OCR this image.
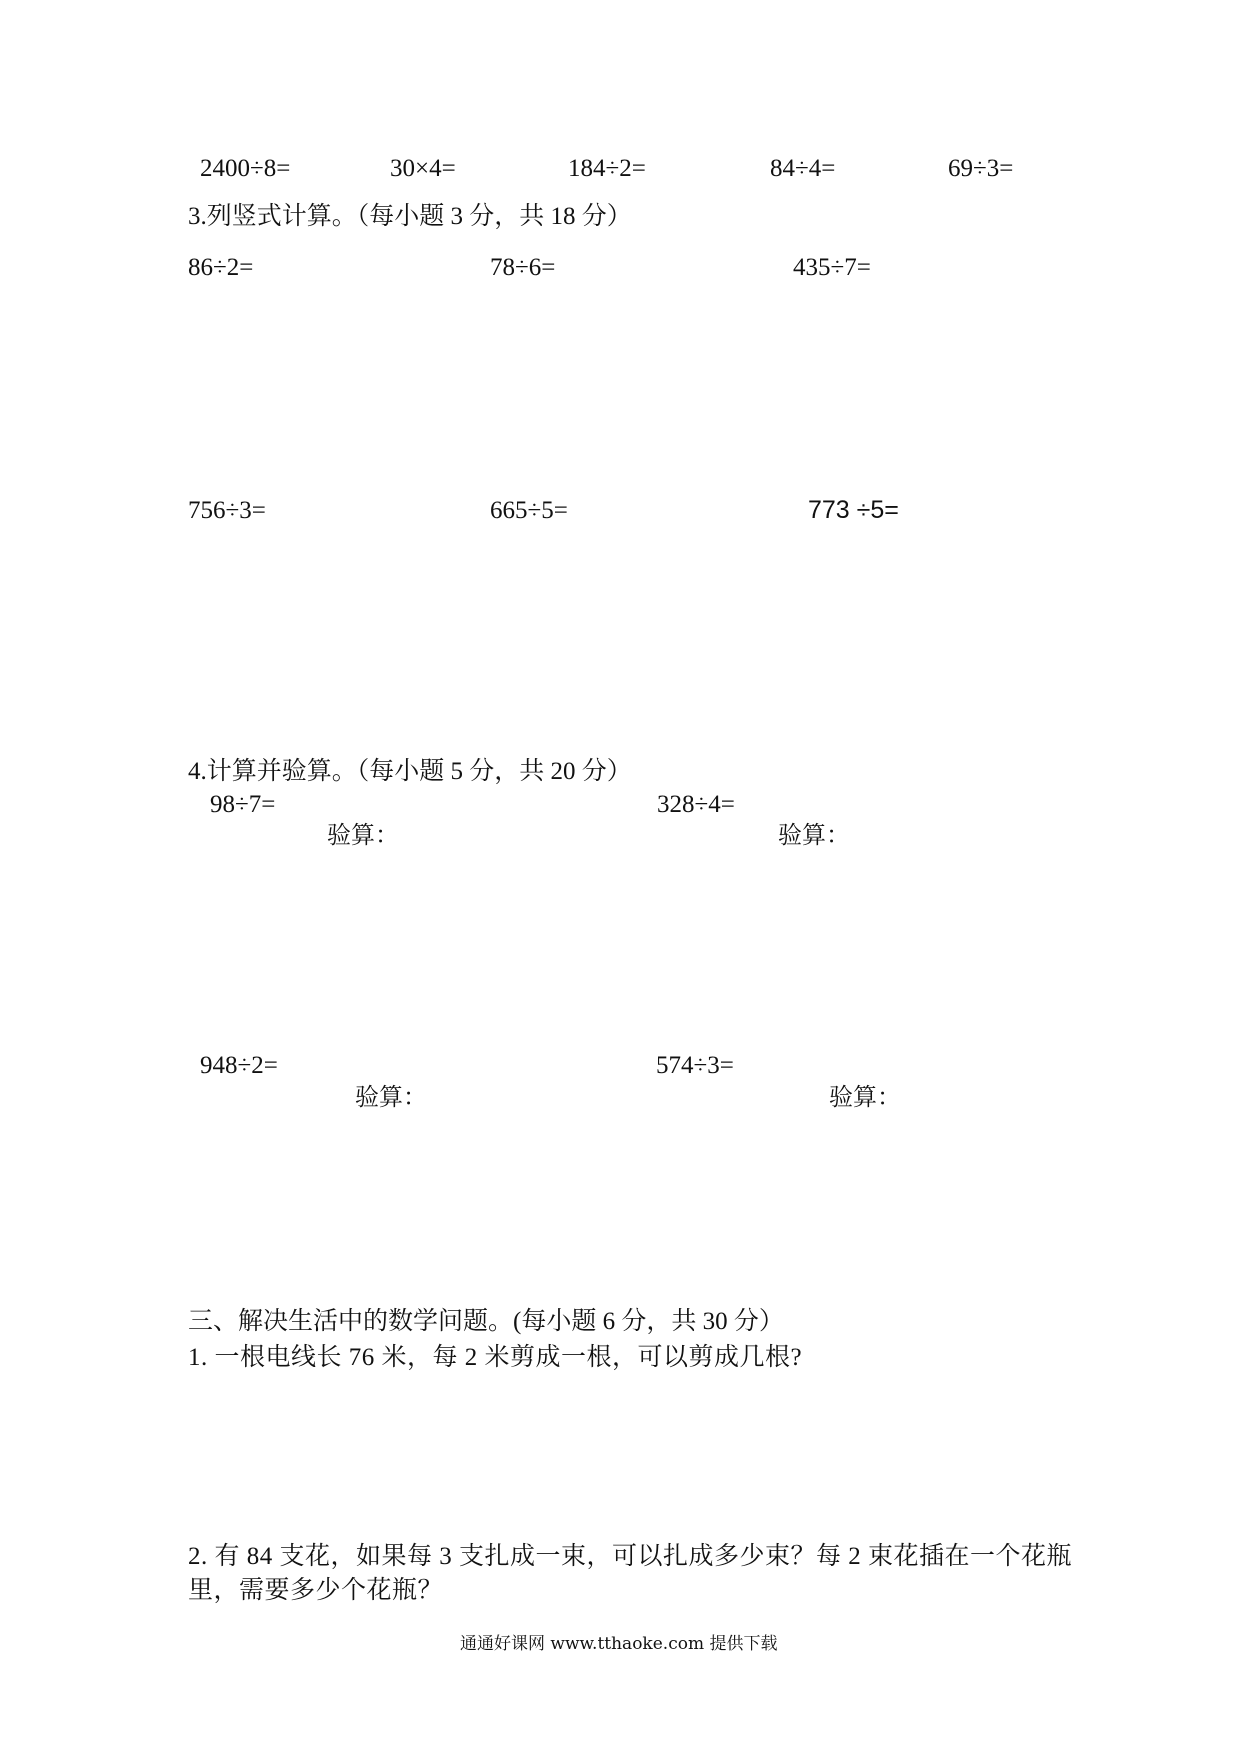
2400÷8=	30×4=	184÷2=	84÷4=	69÷3=
3.列竖式计算。（每小题 3 分，共 18 分）
86÷2=	78÷6=	435÷7=
756÷3=	665÷5=	773 ÷5=
4.计算并验算。（每小题 5 分，共 20 分）
98÷7=
验算：
328÷4=
验算：
948÷2=
验算：
574÷3=
验算：
三、解决生活中的数学问题。(每小题 6 分，共 30 分）
1. 一根电线长 76 米，每 2 米剪成一根，可以剪成几根?
2. 有 84 支花，如果每 3 支扎成一束，可以扎成多少束？每 2 束花插在一个花瓶
里，需要多少个花瓶？
通通好课网 www.tthaoke.com 提供下载
